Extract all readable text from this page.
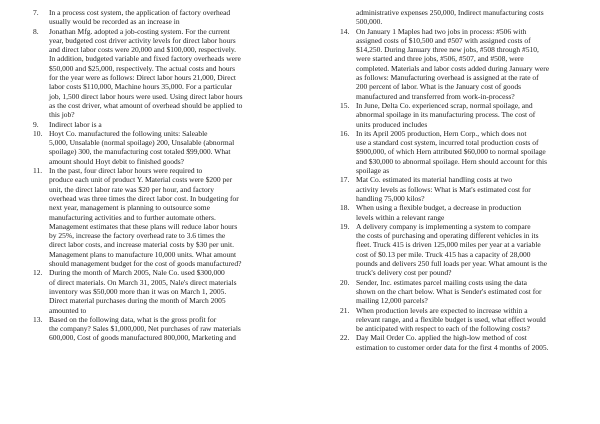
7. In a process cost system, the application of factory overhead

usually would be recorded as an increase in

8. Jonathan Mfg. adopted a job-costing system. For the current

year, budgeted cost driver activity levels for direct labor hours

and direct labor costs were 20,000 and $100,000, respectively.

In addition, budgeted variable and fixed factory overheads were

$50,000 and $25,000, respectively. The actual costs and hours

for the year were as follows: Direct labor hours 21,000, Direct

labor costs $110,000, Machine hours 35,000. For a particular

job, 1,500 direct labor hours were used. Using direct labor hours

as the cost driver, what amount of overhead should be applied to

this job?

9. Indirect labor is a

10. Hoyt Co. manufactured the following units: Saleable

5,000, Unsalable (normal spoilage) 200, Unsalable (abnormal

spoilage) 300, the manufacturing cost totaled $99,000. What

amount should Hoyt debit to finished goods?

11. In the past, four direct labor hours were required to

produce each unit of product Y. Material costs were $200 per

unit, the direct labor rate was $20 per hour, and factory

overhead was three times the direct labor cost. In budgeting for

next year, management is planning to outsource some

manufacturing activities and to further automate others.

Management estimates that these plans will reduce labor hours

by 25%, increase the factory overhead rate to 3.6 times the

direct labor costs, and increase material costs by $30 per unit.

Management plans to manufacture 10,000 units. What amount

should management budget for the cost of goods manufactured?

12. During the month of March 2005, Nale Co. used $300,000

of direct materials. On March 31, 2005, Nale's direct materials

inventory was $50,000 more than it was on March 1, 2005.

Direct material purchases during the month of March 2005

amounted to

13. Based on the following data, what is the gross profit for

the company? Sales $1,000,000, Net purchases of raw materials

600,000, Cost of goods manufactured 800,000, Marketing and

administrative expenses 250,000, Indirect manufacturing costs

500,000.

14. On January 1 Maples had two jobs in process: #506 with

assigned costs of $10,500 and #507 with assigned costs of

$14,250. During January three new jobs, #508 through #510,

were started and three jobs, #506, #507, and #508, were

completed. Materials and labor costs added during January were

as follows: Manufacturing overhead is assigned at the rate of

200 percent of labor. What is the January cost of goods

manufactured and transferred from work-in-process?

15. In June, Delta Co. experienced scrap, normal spoilage, and

abnormal spoilage in its manufacturing process. The cost of

units produced includes

16. In its April 2005 production, Hern Corp., which does not

use a standard cost system, incurred total production costs of

$900,000, of which Hern attributed $60,000 to normal spoilage

and $30,000 to abnormal spoilage. Hern should account for this

spoilage as

17. Mat Co. estimated its material handling costs at two

activity levels as follows: What is Mat's estimated cost for

handling 75,000 kilos?

18. When using a flexible budget, a decrease in production

levels within a relevant range

19. A delivery company is implementing a system to compare

the costs of purchasing and operating different vehicles in its

fleet. Truck 415 is driven 125,000 miles per year at a variable

cost of $0.13 per mile. Truck 415 has a capacity of 28,000

pounds and delivers 250 full loads per year. What amount is the

truck's delivery cost per pound?

20. Sender, Inc. estimates parcel mailing costs using the data

shown on the chart below. What is Sender's estimated cost for

mailing 12,000 parcels?

21. When production levels are expected to increase within a

relevant range, and a flexible budget is used, what effect would

be anticipated with respect to each of the following costs?

22. Day Mail Order Co. applied the high-low method of cost

estimation to customer order data for the first 4 months of 2005.
